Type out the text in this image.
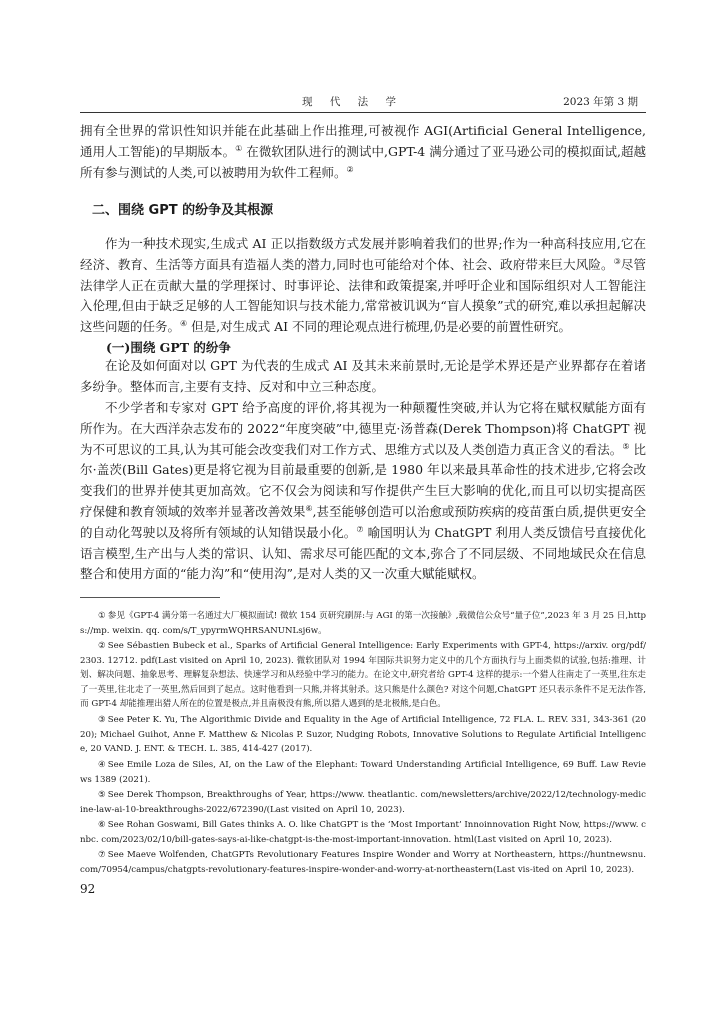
现 代 法 学	2023 年第 3 期

拥有全世界的常识性知识并能在此基础上作出推理,可被视作 AGI(Artificial General Intelligence,通用人工智能)的早期版本。① 在微软团队进行的测试中,GPT-4 满分通过了亚马逊公司的模拟面试,超越所有参与测试的人类,可以被聘用为软件工程师。②

二、围绕 GPT 的纷争及其根源

作为一种技术现实,生成式 AI 正以指数级方式发展并影响着我们的世界;作为一种高科技应用,它在经济、教育、生活等方面具有造福人类的潜力,同时也可能给对个体、社会、政府带来巨大风险。③尽管法律学人正在贡献大量的学理探讨、时事评论、法律和政策提案,并呼吁企业和国际组织对人工智能注入伦理,但由于缺乏足够的人工智能知识与技术能力,常常被讥讽为“盲人摸象”式的研究,难以承担起解决这些问题的任务。④ 但是,对生成式 AI 不同的理论观点进行梳理,仍是必要的前置性研究。

(一)围绕 GPT 的纷争

在论及如何面对以 GPT 为代表的生成式 AI 及其未来前景时,无论是学术界还是产业界都存在着诸多纷争。整体而言,主要有支持、反对和中立三种态度。

不少学者和专家对 GPT 给予高度的评价,将其视为一种颠覆性突破,并认为它将在赋权赋能方面有所作为。在大西洋杂志发布的 2022“年度突破”中,德里克·汤普森(Derek Thompson)将 ChatGPT 视为不可思议的工具,认为其可能会改变我们对工作方式、思维方式以及人类创造力真正含义的看法。⑤ 比尔·盖茨(Bill Gates)更是将它视为目前最重要的创新,是 1980 年以来最具革命性的技术进步,它将会改变我们的世界并使其更加高效。它不仅会为阅读和写作提供产生巨大影响的优化,而且可以切实提高医疗保健和教育领域的效率并显著改善效果⑥,甚至能够创造可以治愈或预防疾病的疫苗蛋白质,提供更安全的自动化驾驶以及将所有领域的认知错误最小化。⑦ 喻国明认为 ChatGPT 利用人类反馈信号直接优化语言模型,生产出与人类的常识、认知、需求尽可能匹配的文本,弥合了不同层级、不同地域民众在信息整合和使用方面的“能力沟”和“使用沟”,是对人类的又一次重大赋能赋权。

① 参见《GPT-4 满分第一名通过大厂模拟面试! 微软 154 页研究刷屏:与 AGI 的第一次接触》,载微信公众号“量子位”,2023 年 3 月 25 日,https://mp. weixin. qq. com/s/T_ypyrmWQHRSANUNLsj6w。

② See Sébastien Bubeck et al., Sparks of Artificial General Intelligence: Early Experiments with GPT-4, https://arxiv. org/pdf/2303. 12712. pdf(Last visited on April 10, 2023). 微软团队对 1994 年国际共识努力定义中的几个方面执行与上面类似的试验,包括:推理、计划、解决问题、抽象思考、理解复杂想法、快速学习和从经验中学习的能力。在论文中,研究者给 GPT-4 这样的提示:一个猎人往南走了一英里,往东走了一英里,往北走了一英里,然后回到了起点。这时他看到一只熊,并将其射杀。这只熊是什么颜色? 对这个问题,ChatGPT 还只表示条件不足无法作答,而 GPT-4 却能推理出猎人所在的位置是极点,并且南极没有熊,所以猎人遇到的是北极熊,是白色。

③ See Peter K. Yu, The Algorithmic Divide and Equality in the Age of Artificial Intelligence, 72 FLA. L. REV. 331, 343-361 (2020); Michael Guihot, Anne F. Matthew & Nicolas P. Suzor, Nudging Robots, Innovative Solutions to Regulate Artificial Intelligence, 20 VAND. J. ENT. & TECH. L. 385, 414-427 (2017).

④ See Emile Loza de Siles, AI, on the Law of the Elephant: Toward Understanding Artificial Intelligence, 69 Buff. Law Reviews 1389 (2021).

⑤ See Derek Thompson, Breakthroughs of Year, https://www. theatlantic. com/newsletters/archive/2022/12/technology-medicine-law-ai-10-breakthroughs-2022/672390/(Last visited on April 10, 2023).

⑥ See Rohan Goswami, Bill Gates thinks A. O. like ChatGPT is the ‘Most Important’ Innoinnovation Right Now, https://www. cnbc. com/2023/02/10/bill-gates-says-ai-like-chatgpt-is-the-most-important-innovation. html(Last visited on April 10, 2023).

⑦ See Maeve Wolfenden, ChatGPTs Revolutionary Features Inspire Wonder and Worry at Northeastern, https://huntnewsnu. com/70954/campus/chatgpts-revolutionary-features-inspire-wonder-and-worry-at-northeastern(Last vis-ited on April 10, 2023).

92
